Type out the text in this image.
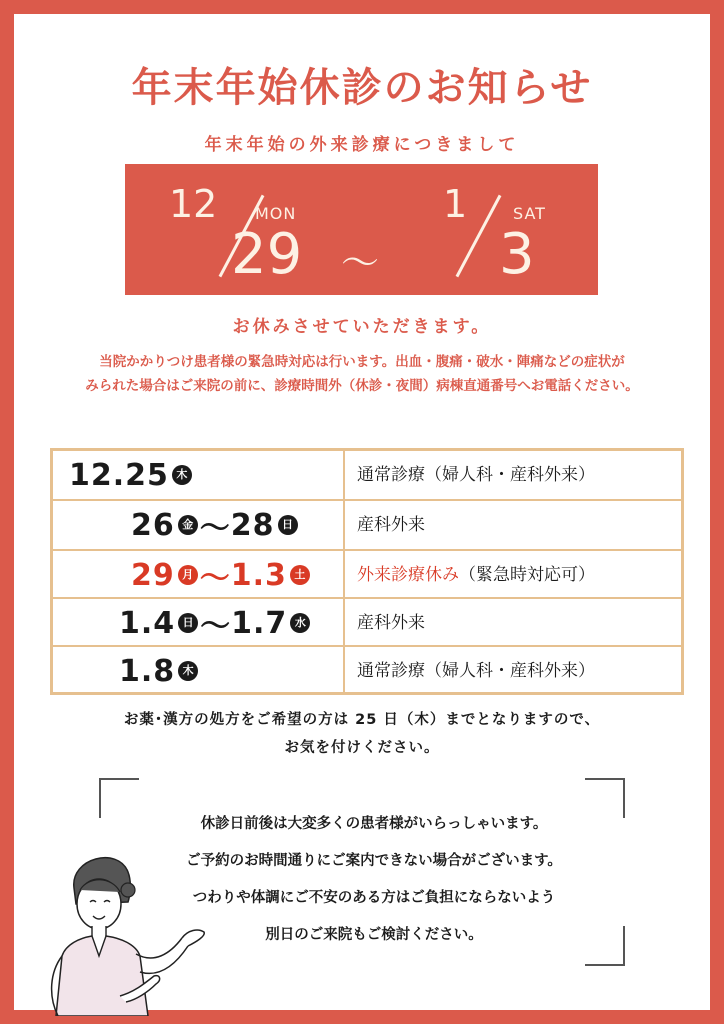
年末年始休診のお知らせ
年末年始の外来診療につきまして
12 MON
29 〜
1	SAT
3
お休みさせていただきます。
当院かかりつけ患者様の緊急時対応は行います。出血・腹痛・破水・陣痛などの症状が
みられた場合はご来院の前に、診療時間外（休診・夜間）病棟直通番号へお電話ください。
12.25 木	通常診療（婦人科・産科外来）
26 金 〜 28 日	産科外来
29 月 〜 1.3 土	外来診療休み（緊急時対応可）
1.4 日 〜 1.7 水	産科外来
1.8 木	通常診療（婦人科・産科外来）
お薬･漢方の処方をご希望の方は 25 日（木）までとなりますので、
お気を付けください。
休診日前後は大変多くの患者様がいらっしゃいます。
ご予約のお時間通りにご案内できない場合がございます。
つわりや体調にご不安のある方はご負担にならないよう
別日のご来院もご検討ください。
